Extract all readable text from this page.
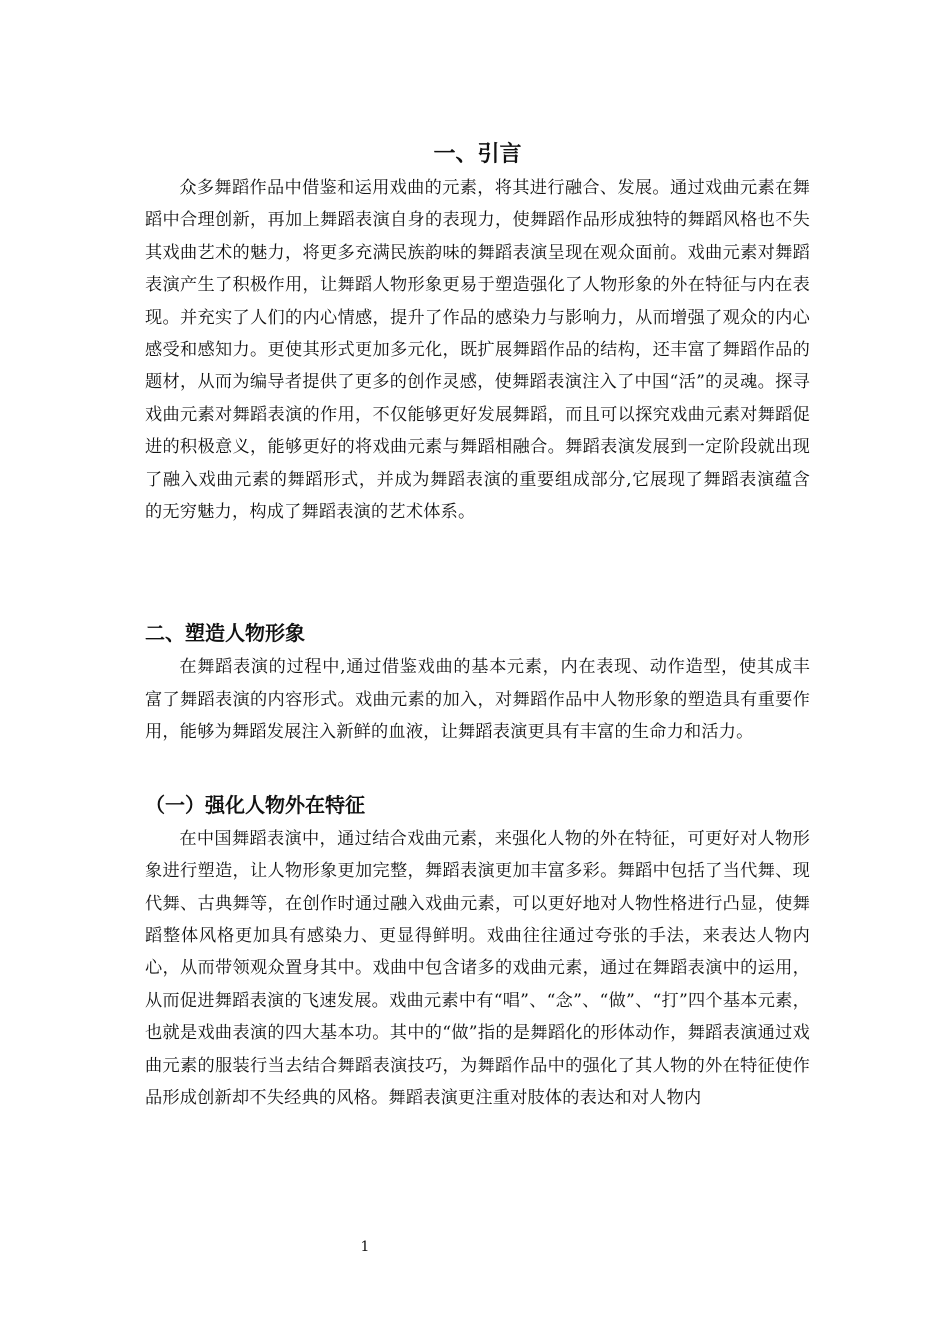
一、引言

众多舞蹈作品中借鉴和运用戏曲的元素，将其进行融合、发展。通过戏曲元素在舞蹈中合理创新，再加上舞蹈表演自身的表现力，使舞蹈作品形成独特的舞蹈风格也不失其戏曲艺术的魅力，将更多充满民族韵味的舞蹈表演呈现在观众面前。戏曲元素对舞蹈表演产生了积极作用，让舞蹈人物形象更易于塑造强化了人物形象的外在特征与内在表现。并充实了人们的内心情感，提升了作品的感染力与影响力，从而增强了观众的内心感受和感知力。更使其形式更加多元化，既扩展舞蹈作品的结构，还丰富了舞蹈作品的题材，从而为编导者提供了更多的创作灵感，使舞蹈表演注入了中国“活”的灵魂。探寻戏曲元素对舞蹈表演的作用，不仅能够更好发展舞蹈，而且可以探究戏曲元素对舞蹈促进的积极意义，能够更好的将戏曲元素与舞蹈相融合。舞蹈表演发展到一定阶段就出现了融入戏曲元素的舞蹈形式，并成为舞蹈表演的重要组成部分,它展现了舞蹈表演蕴含的无穷魅力，构成了舞蹈表演的艺术体系。

二、塑造人物形象

在舞蹈表演的过程中,通过借鉴戏曲的基本元素，内在表现、动作造型，使其成丰富了舞蹈表演的内容形式。戏曲元素的加入，对舞蹈作品中人物形象的塑造具有重要作用，能够为舞蹈发展注入新鲜的血液，让舞蹈表演更具有丰富的生命力和活力。

（一）强化人物外在特征

在中国舞蹈表演中，通过结合戏曲元素，来强化人物的外在特征，可更好对人物形象进行塑造，让人物形象更加完整，舞蹈表演更加丰富多彩。舞蹈中包括了当代舞、现代舞、古典舞等，在创作时通过融入戏曲元素，可以更好地对人物性格进行凸显，使舞蹈整体风格更加具有感染力、更显得鲜明。戏曲往往通过夸张的手法，来表达人物内心，从而带领观众置身其中。戏曲中包含诸多的戏曲元素，通过在舞蹈表演中的运用，从而促进舞蹈表演的飞速发展。戏曲元素中有“唱”、“念”、“做”、“打”四个基本元素，也就是戏曲表演的四大基本功。其中的“做”指的是舞蹈化的形体动作，舞蹈表演通过戏曲元素的服装行当去结合舞蹈表演技巧，为舞蹈作品中的强化了其人物的外在特征使作品形成创新却不失经典的风格。舞蹈表演更注重对肢体的表达和对人物内

1
